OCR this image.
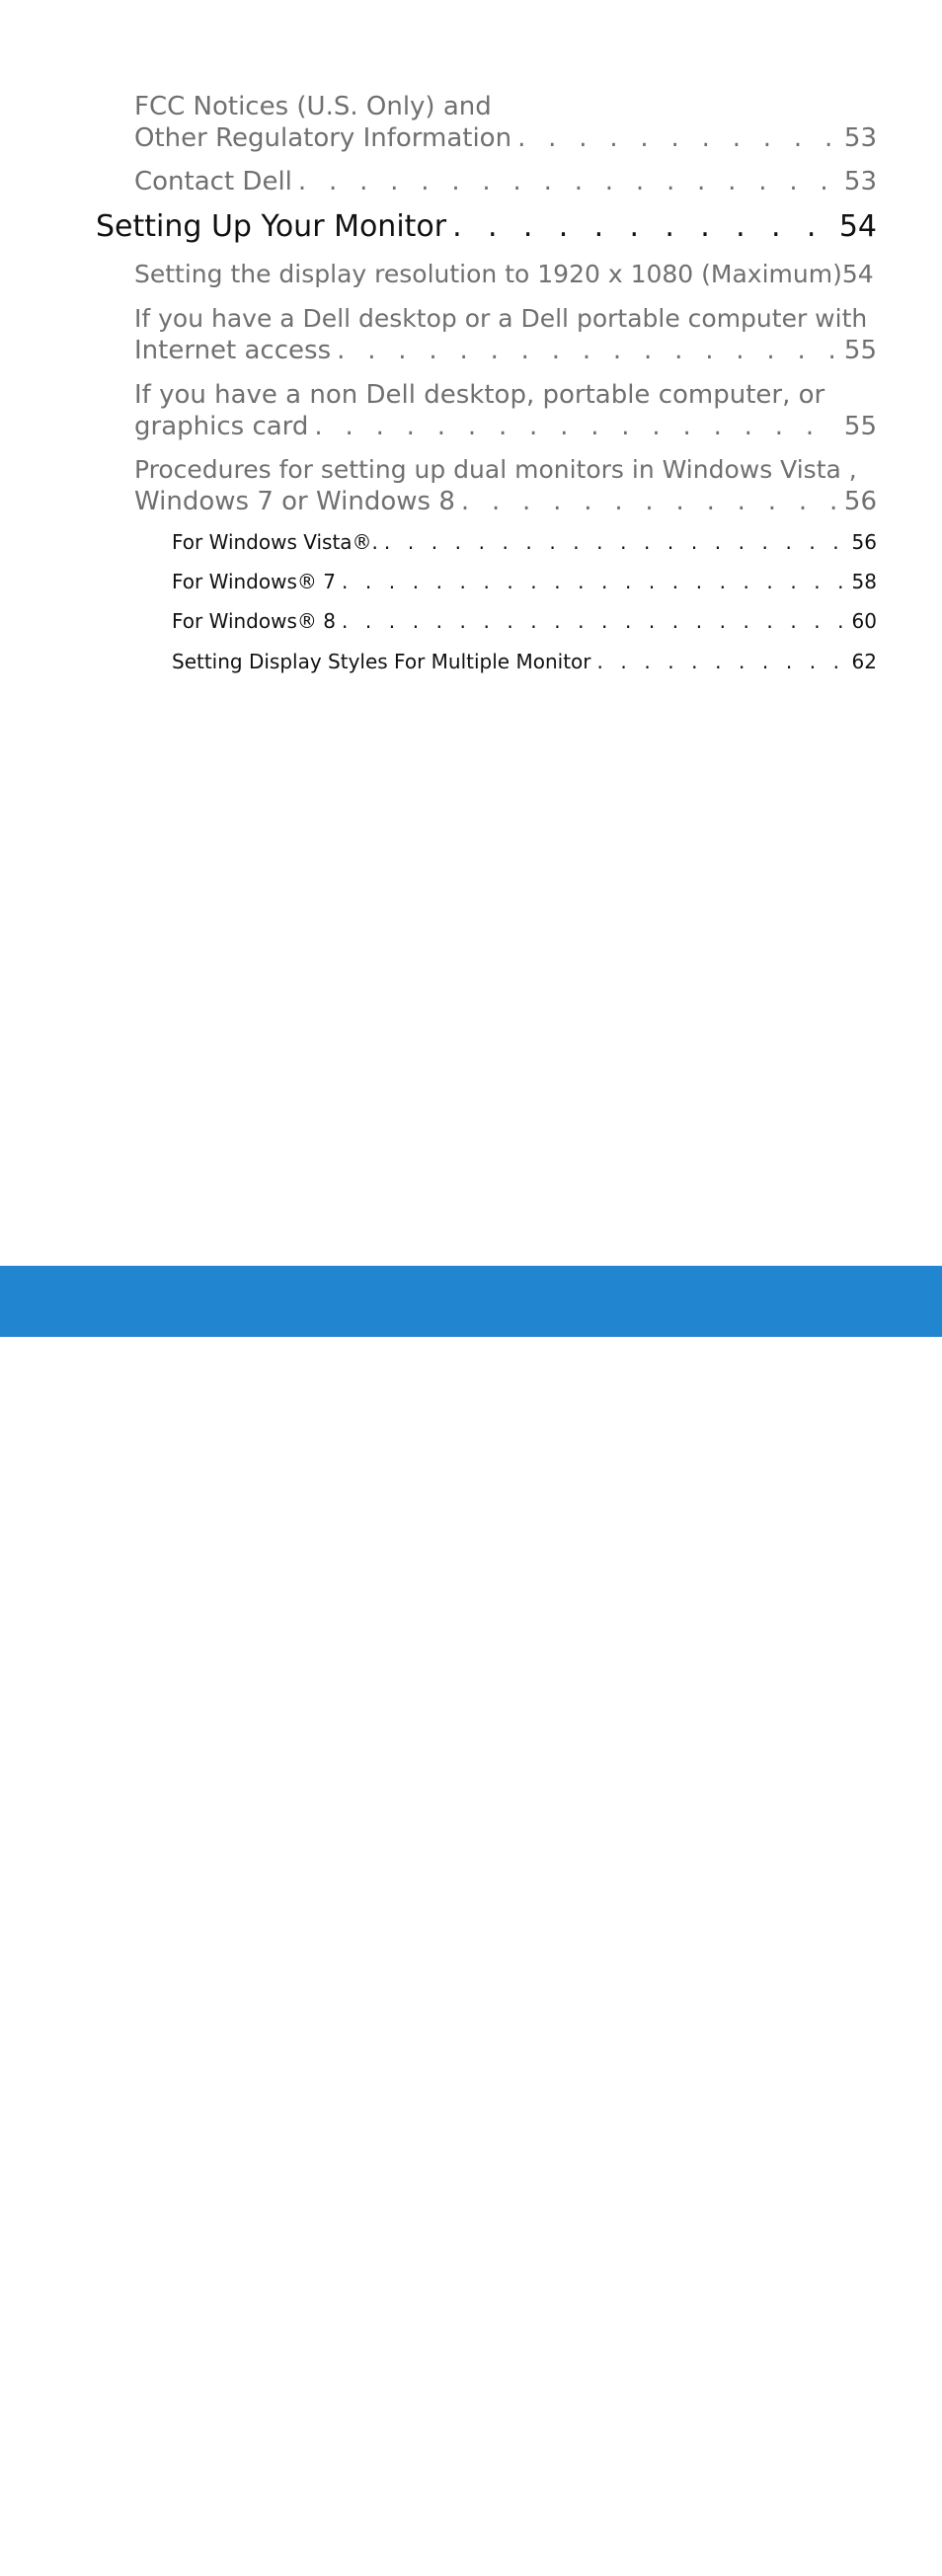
FCC Notices (U.S. Only) and
Other Regulatory Information . . .	53
Contact Dell . . .	53
Setting Up Your Monitor . . .	54
Setting the display resolution to 1920 x 1080 (Maximum) 54
If you have a Dell desktop or a Dell portable computer with
Internet access . . .	55
If you have a non Dell desktop, portable computer, or
graphics card . . .	55
Procedures for setting up dual monitors in Windows Vista ,
Windows 7 or Windows 8 . . .	56
For Windows Vista®. . . .	56
For Windows® 7 . . .	58
For Windows® 8 . . .	60
Setting Display Styles For Multiple Monitor . . .	62
5
